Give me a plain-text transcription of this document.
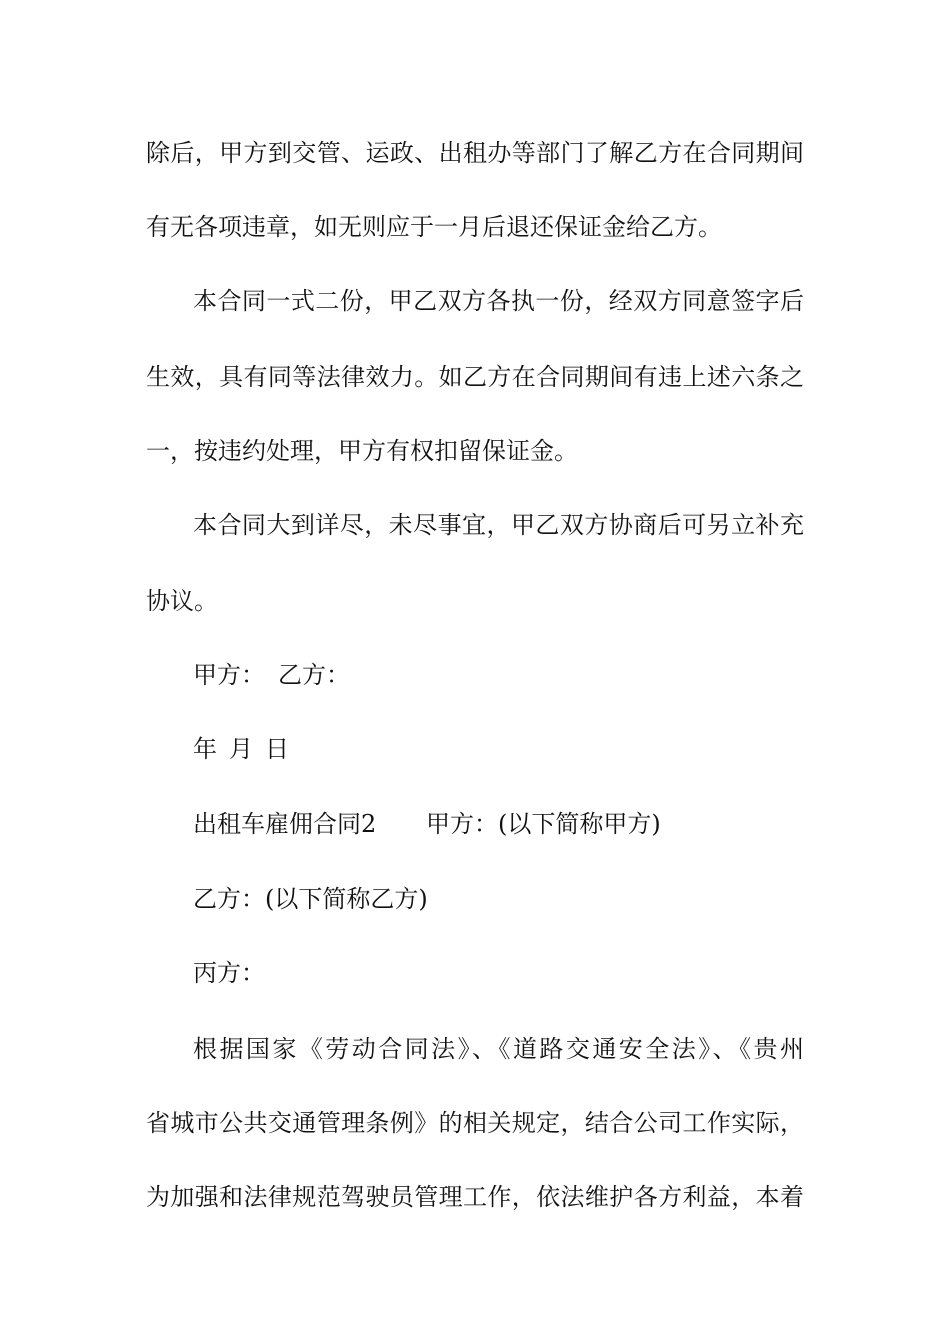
除后，甲方到交管、运政、出租办等部门了解乙方在合同期间
有无各项违章，如无则应于一月后退还保证金给乙方。
本合同一式二份，甲乙双方各执一份，经双方同意签字后
生效，具有同等法律效力。如乙方在合同期间有违上述六条之
一，按违约处理，甲方有权扣留保证金。
本合同大到详尽，未尽事宜，甲乙双方协商后可另立补充
协议。
甲方： 乙方：
年 月 日
出租车雇佣合同2 甲方：(以下简称甲方)
乙方：(以下简称乙方)
丙方：
根据国家《劳动合同法》、《道路交通安全法》、《贵州
省城市公共交通管理条例》的相关规定，结合公司工作实际，
为加强和法律规范驾驶员管理工作，依法维护各方利益，本着
